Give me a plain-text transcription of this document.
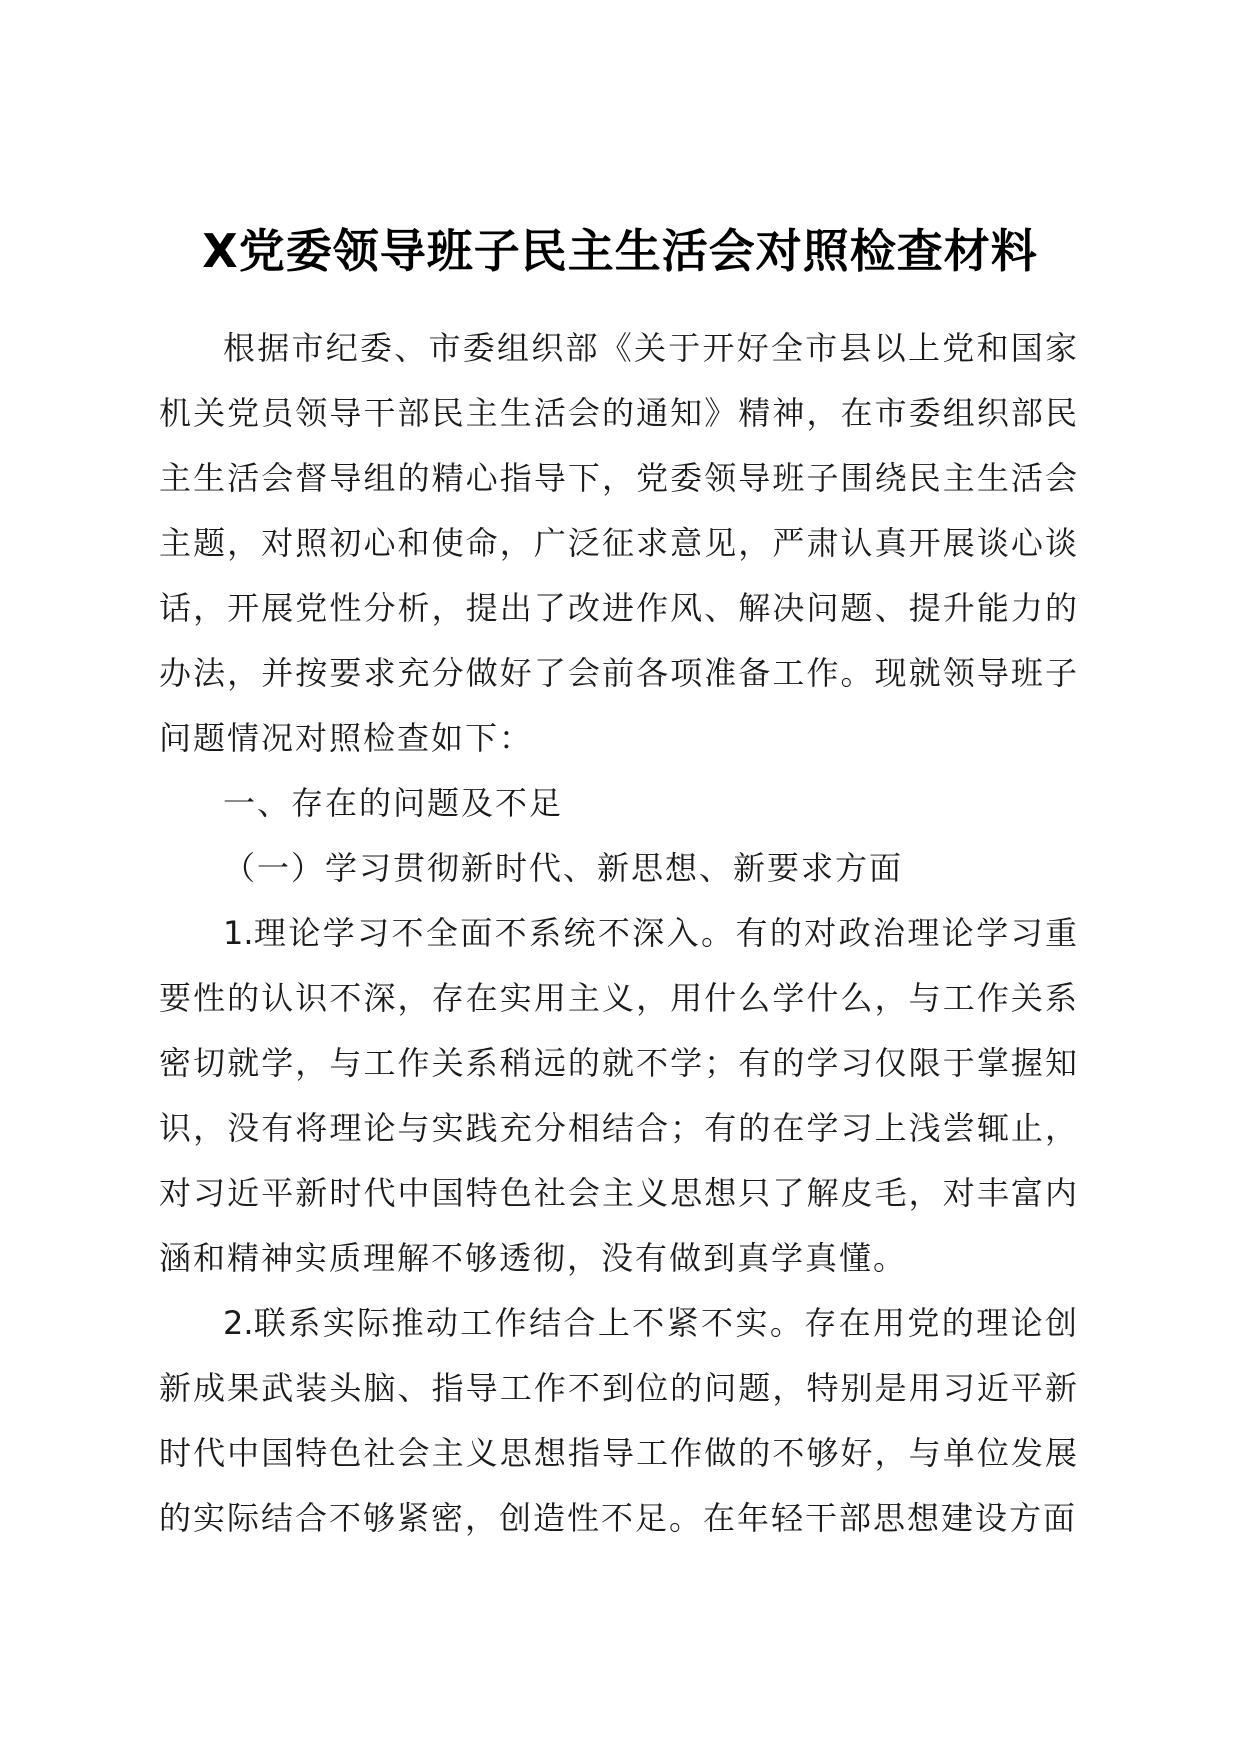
X党委领导班子民主生活会对照检查材料

根据市纪委、市委组织部《关于开好全市县以上党和国家机关党员领导干部民主生活会的通知》精神，在市委组织部民主生活会督导组的精心指导下，党委领导班子围绕民主生活会主题，对照初心和使命，广泛征求意见，严肃认真开展谈心谈话，开展党性分析，提出了改进作风、解决问题、提升能力的办法，并按要求充分做好了会前各项准备工作。现就领导班子问题情况对照检查如下：

一、存在的问题及不足

（一）学习贯彻新时代、新思想、新要求方面

1.理论学习不全面不系统不深入。有的对政治理论学习重要性的认识不深，存在实用主义，用什么学什么，与工作关系密切就学，与工作关系稍远的就不学；有的学习仅限于掌握知识，没有将理论与实践充分相结合；有的在学习上浅尝辄止，对习近平新时代中国特色社会主义思想只了解皮毛，对丰富内涵和精神实质理解不够透彻，没有做到真学真懂。

2.联系实际推动工作结合上不紧不实。存在用党的理论创新成果武装头脑、指导工作不到位的问题，特别是用习近平新时代中国特色社会主义思想指导工作做的不够好，与单位发展的实际结合不够紧密，创造性不足。在年轻干部思想建设方面
